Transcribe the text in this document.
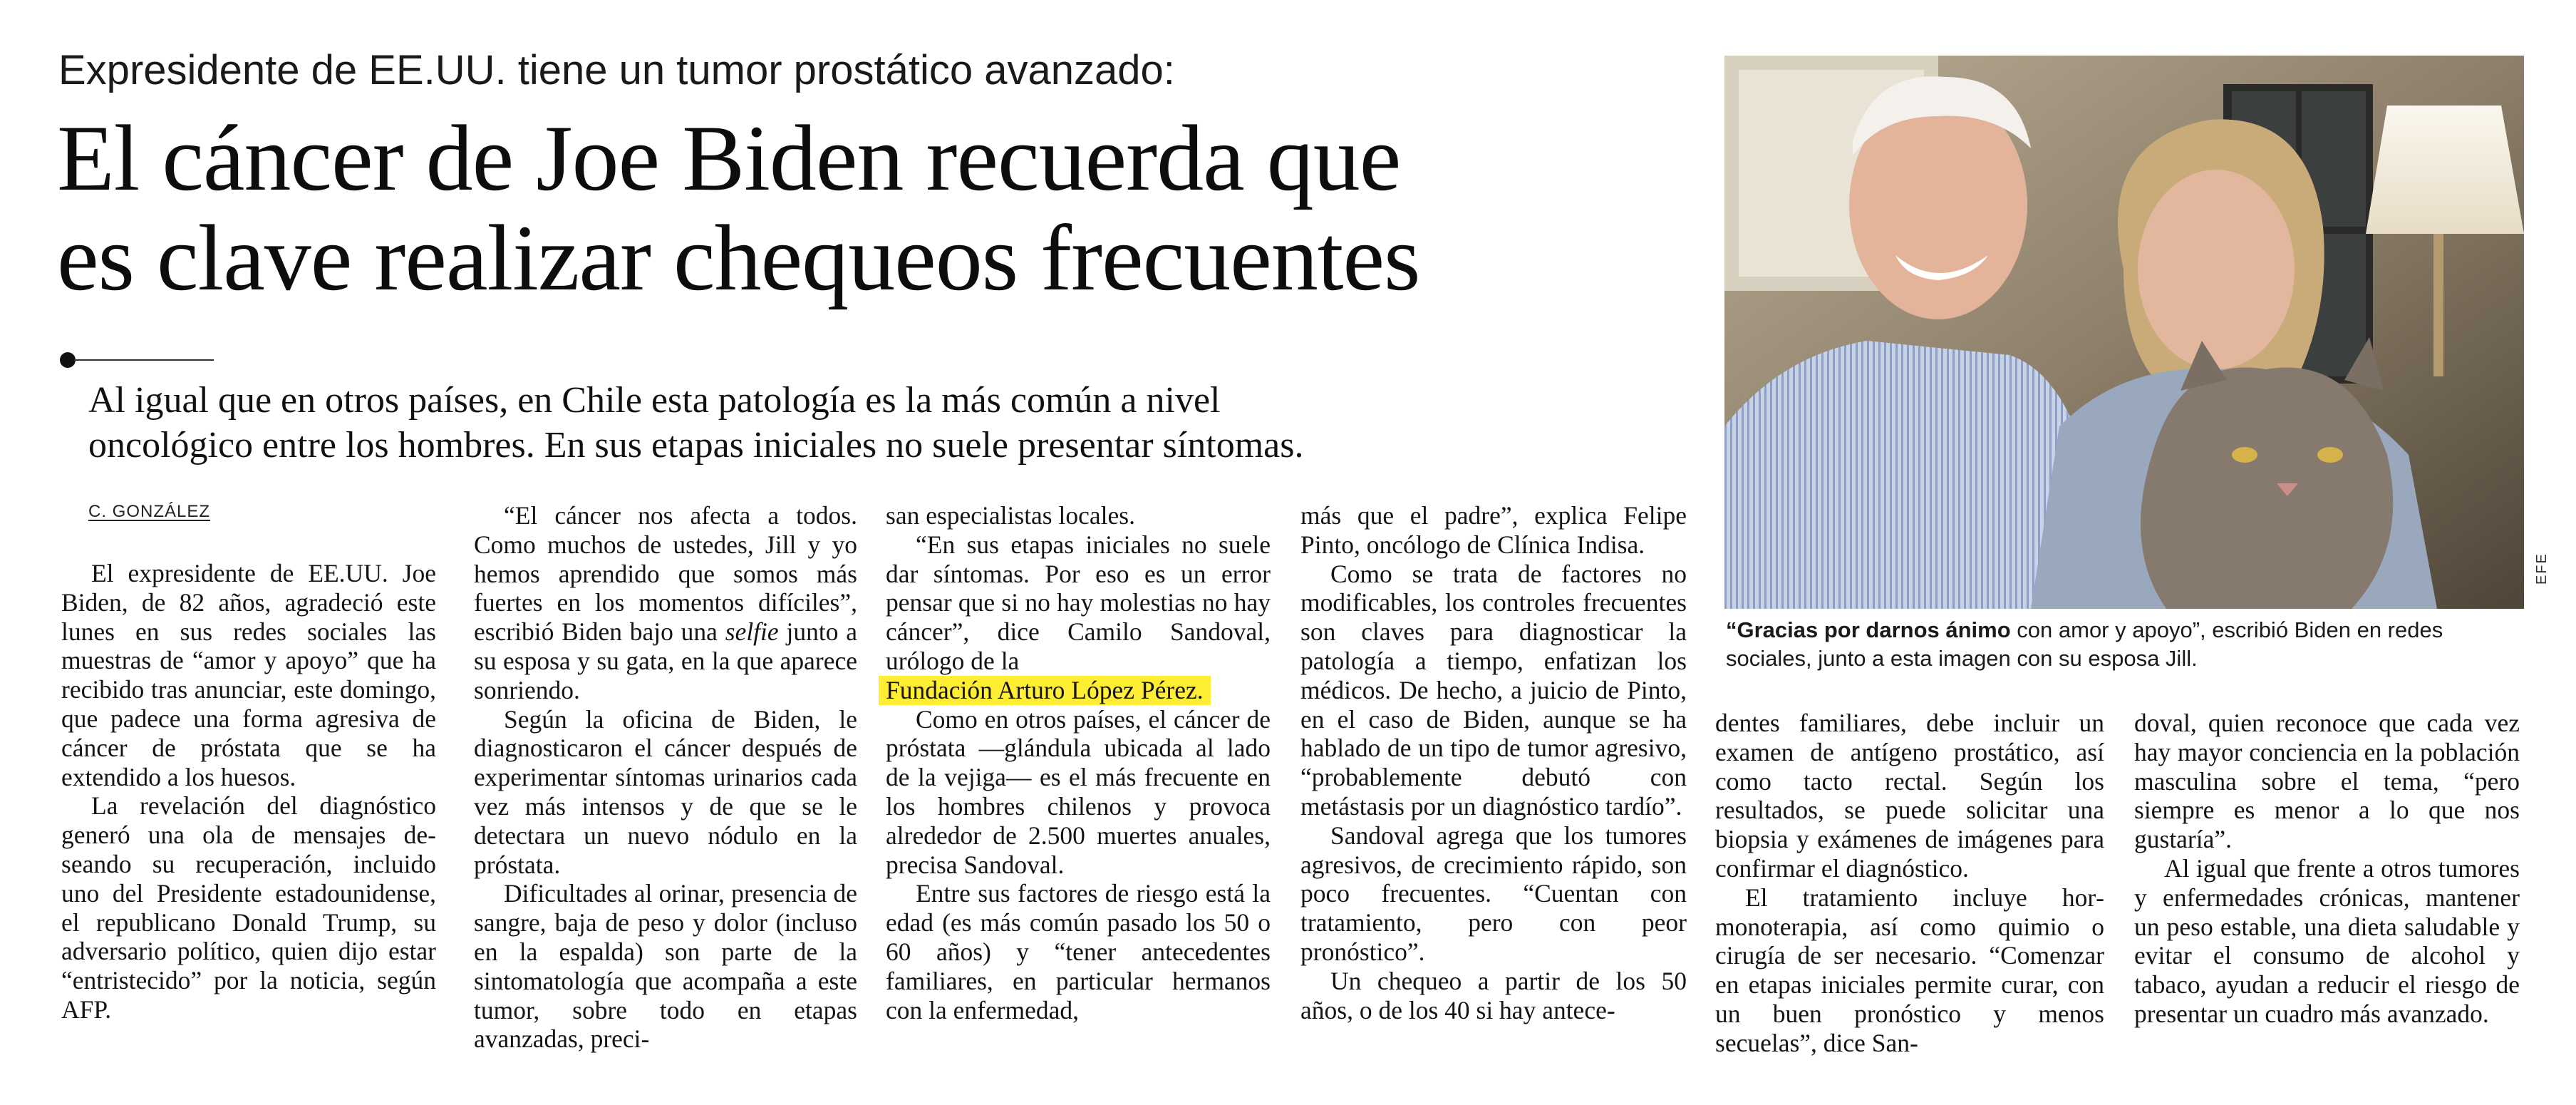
Expresidente de EE.UU. tiene un tumor prostático avanzado:
El cáncer de Joe Biden recuerda que
es clave realizar chequeos frecuentes
Al igual que en otros países, en Chile esta patología es la más común a nivel
oncológico entre los hombres. En sus etapas iniciales no suele presentar síntomas.
C. GONZÁLEZ

El expresidente de EE.UU. Joe Biden, de 82 años, agradeció este lunes en sus redes sociales las muestras de “amor y apoyo” que ha recibido tras anunciar, este domingo, que padece una forma agresiva de cáncer de próstata que se ha extendido a los huesos.

La revelación del diagnóstico generó una ola de mensajes deseando su recuperación, incluido uno del Presidente estadounidense, el republicano Donald Trump, su adversario político, quien dijo estar “entristecido” por la noticia, según AFP.

“El cáncer nos afecta a todos. Como muchos de ustedes, Jill y yo hemos aprendido que somos más fuertes en los momentos difíciles”, escribió Biden bajo una selfie junto a su esposa y su gata, en la que aparece sonriendo.

Según la oficina de Biden, le diagnosticaron el cáncer después de experimentar síntomas urinarios cada vez más intensos y de que se le detectara un nuevo nódulo en la próstata.

Dificultades al orinar, presencia de sangre, baja de peso y dolor (incluso en la espalda) son parte de la sintomatología que acompaña a este tumor, sobre todo en etapas avanzadas, preci-

san especialistas locales.

“En sus etapas iniciales no suele dar síntomas. Por eso es un error pensar que si no hay molestias no hay cáncer”, dice Camilo Sandoval, urólogo de la

Fundación Arturo López Pérez.

Como en otros países, el cáncer de próstata —glándula ubicada al lado de la vejiga— es el más frecuente en los hombres chilenos y provoca alrededor de 2.500 muertes anuales, precisa Sandoval.

Entre sus factores de riesgo está la edad (es más común pasado los 50 o 60 años) y “tener antecedentes familiares, en particular hermanos con la enfermedad,

más que el padre”, explica Felipe Pinto, oncólogo de Clínica Indisa.

Como se trata de factores no modificables, los controles frecuentes son claves para diagnosticar la patología a tiempo, enfatizan los médicos. De hecho, a juicio de Pinto, en el caso de Biden, aunque se ha hablado de un tipo de tumor agresivo, “probablemente debutó con metástasis por un diagnóstico tardío”.

Sandoval agrega que los tumores agresivos, de crecimiento rápido, son poco frecuentes. “Cuentan con tratamiento, pero con peor pronóstico”.

Un chequeo a partir de los 50 años, o de los 40 si hay antece-

dentes familiares, debe incluir un examen de antígeno prostático, así como tacto rectal. Según los resultados, se puede solicitar una biopsia y exámenes de imágenes para confirmar el diagnóstico.

El tratamiento incluye hormonoterapia, así como quimio o cirugía de ser necesario. “Comenzar en etapas iniciales permite curar, con un buen pronóstico y menos secuelas”, dice San-

doval, quien reconoce que cada vez hay mayor conciencia en la población masculina sobre el tema, “pero siempre es menor a lo que nos gustaría”.

Al igual que frente a otros tumores y enfermedades crónicas, mantener un peso estable, una dieta saludable y evitar el consumo de alcohol y tabaco, ayudan a reducir el riesgo de presentar un cuadro más avanzado.

EFE
“Gracias por darnos ánimo con amor y apoyo”, escribió Biden en redes sociales, junto a esta imagen con su esposa Jill.
